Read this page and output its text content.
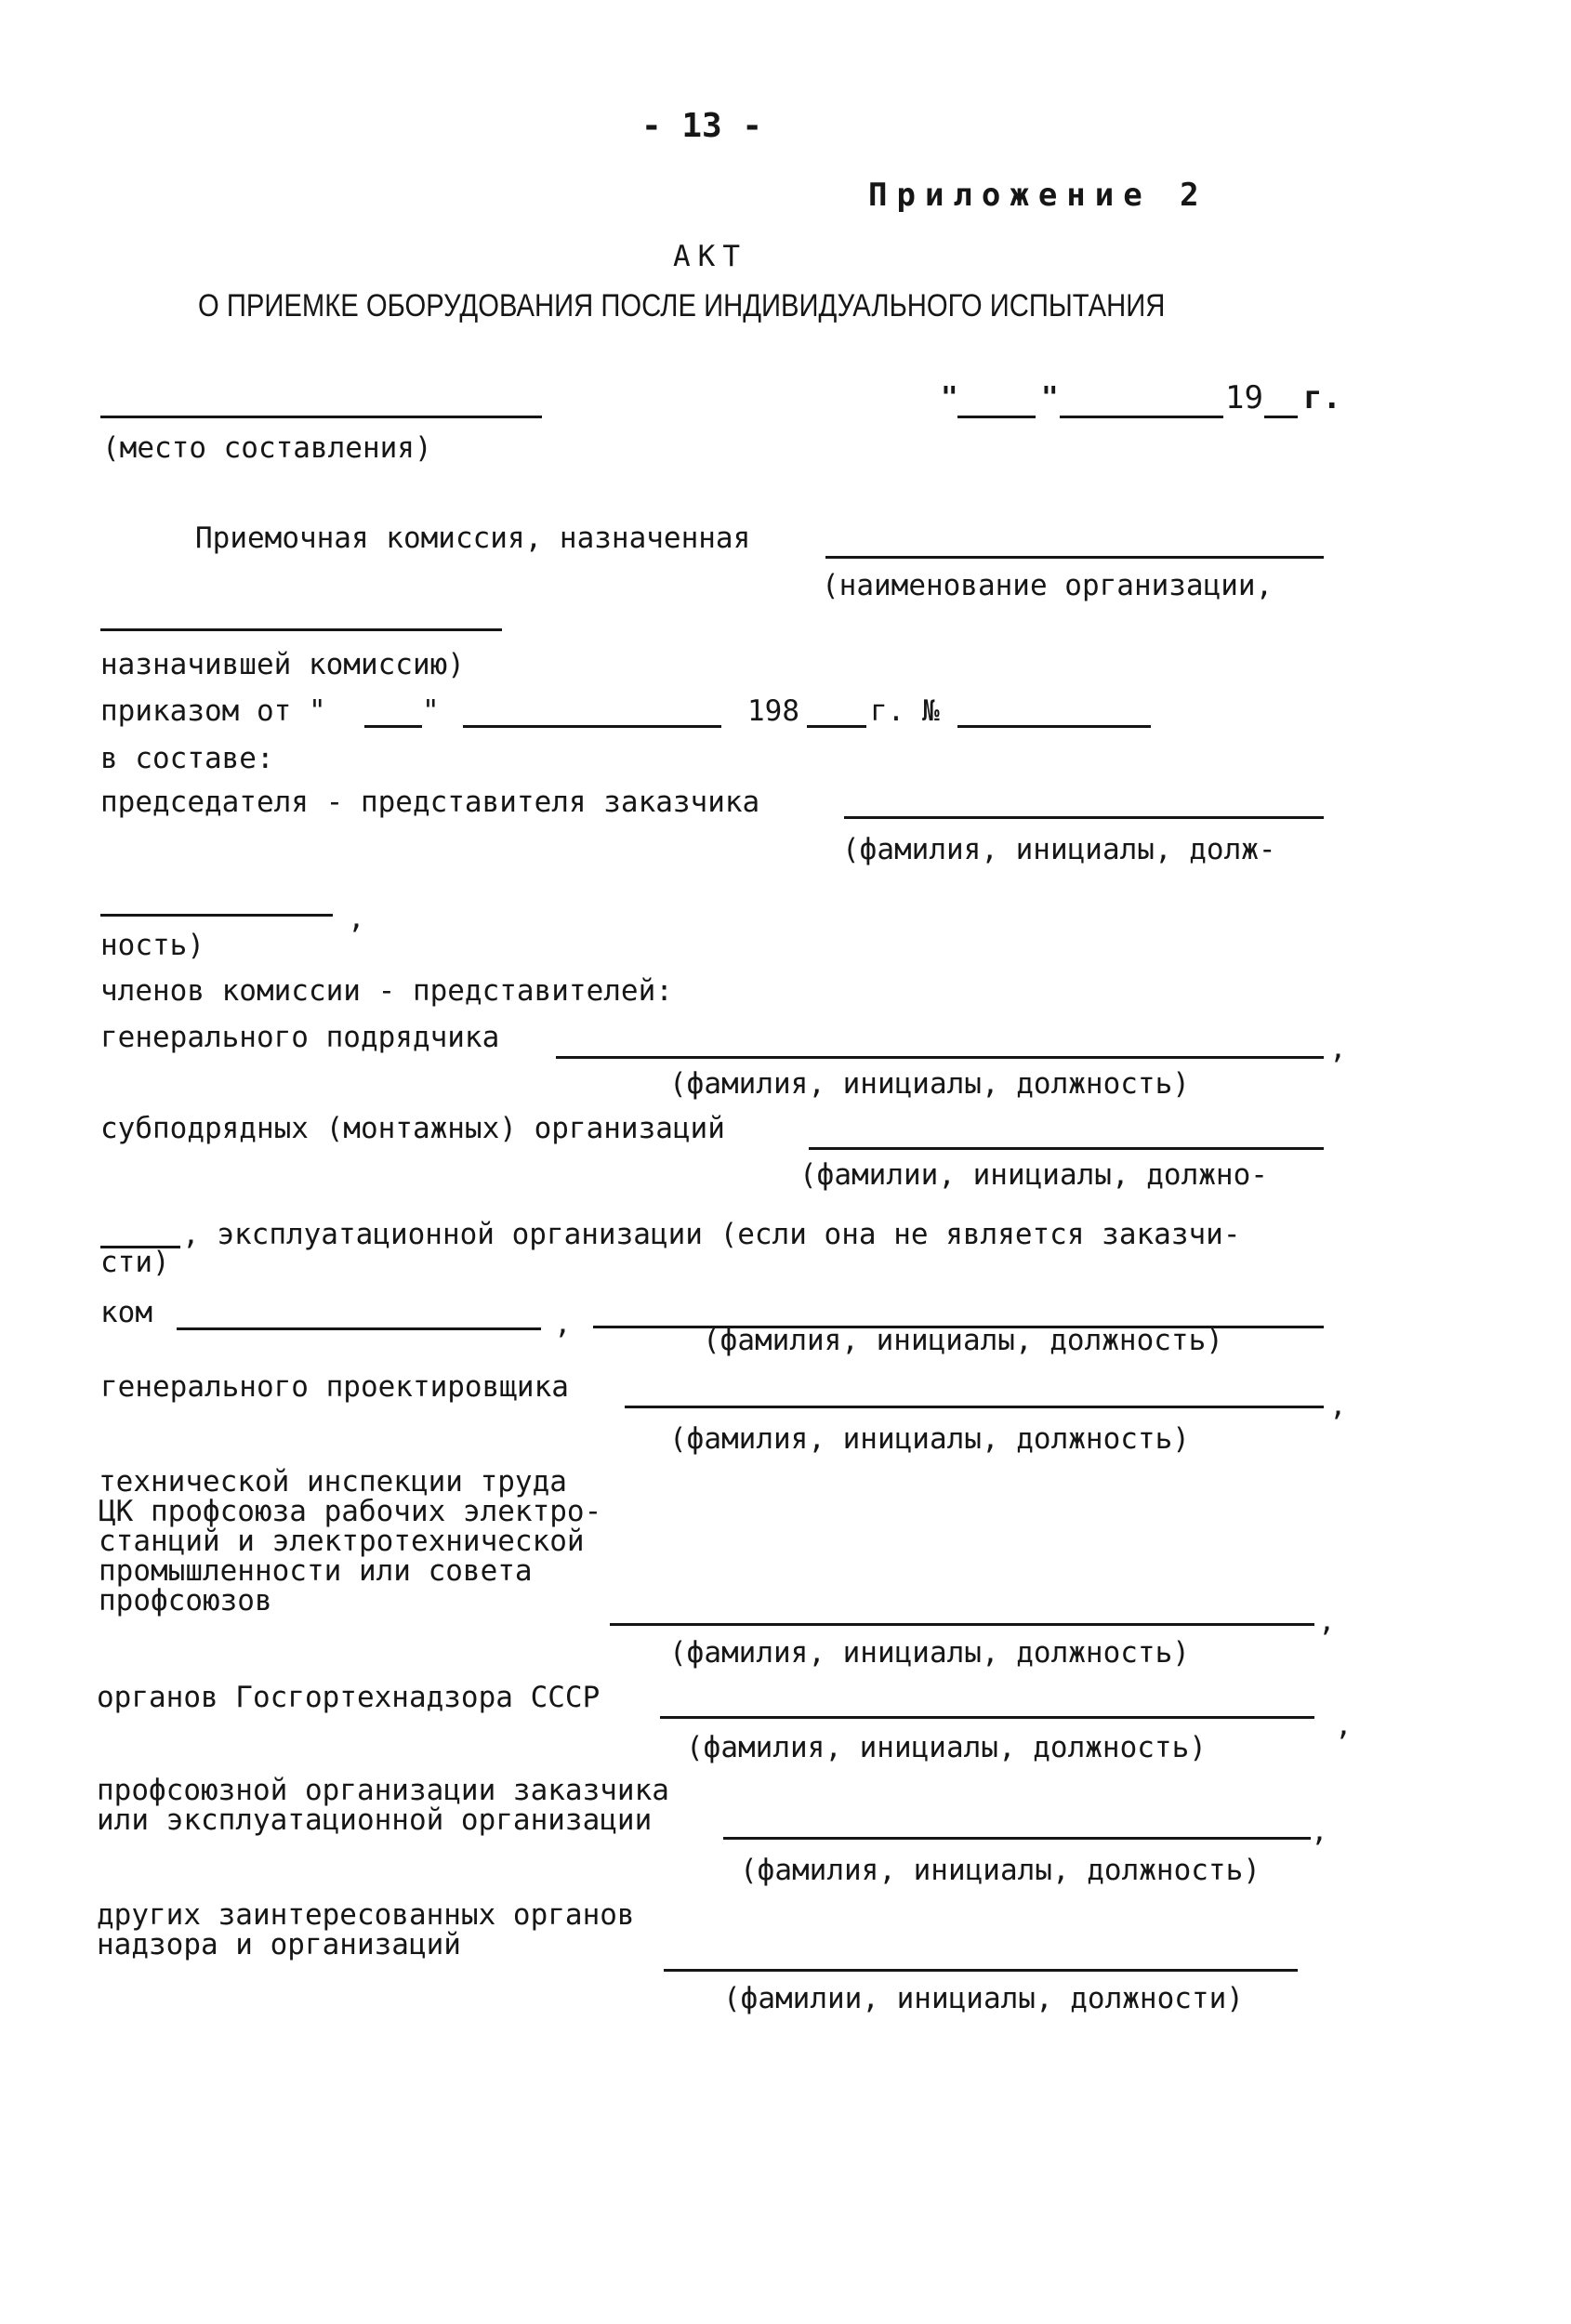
- 13 -

Приложение 2

АКТ

О ПРИЕМКЕ ОБОРУДОВАНИЯ ПОСЛЕ ИНДИВИДУАЛЬНОГО ИСПЫТАНИЯ

"	"	19 г.

(место составления)

Приемочная комиссия, назначенная

(наименование организации,

назначившей комиссию)

приказом от "	"	198 г. №

в составе:

председателя - представителя заказчика

(фамилия, инициалы, долж-

,

ность)

членов комиссии - представителей:

генерального подрядчика	,

(фамилия, инициалы, должность)

субподрядных (монтажных) организаций

(фамилии, инициалы, должно-

, эксплуатационной организации (если она не является заказчи-

сти)

ком	,	(фамилия, инициалы, должность)

генерального проектировщика

,

(фамилия, инициалы, должность)

технической инспекции труда
ЦК профсоюза рабочих электро-
станций и электротехнической
промышленности или совета
профсоюзов

,

(фамилия, инициалы, должность)

органов Госгортехнадзора СССР

,

(фамилия, инициалы, должность)

профсоюзной организации заказчика
или эксплуатационной организации	,

(фамилия, инициалы, должность)

других заинтересованных органов
надзора и организаций

(фамилии, инициалы, должности)
